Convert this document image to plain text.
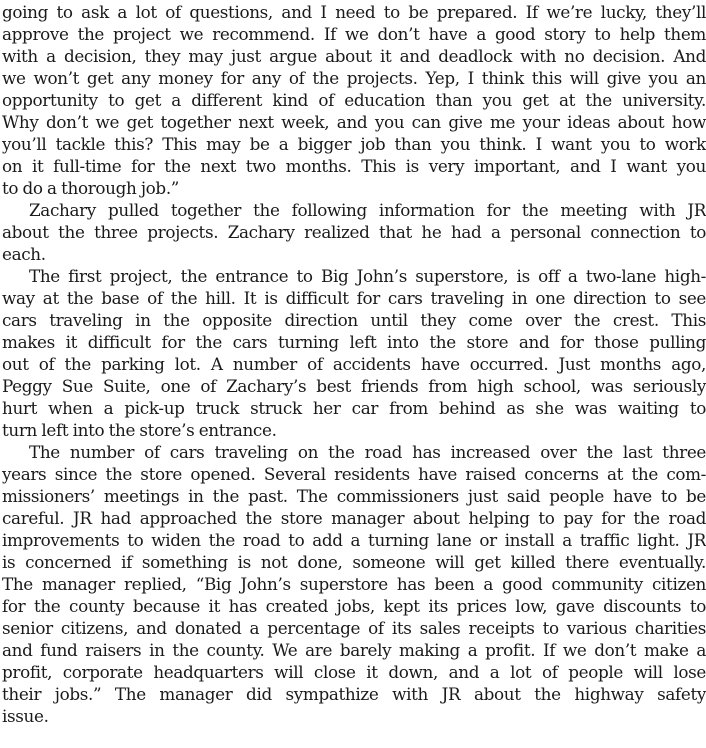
going to ask a lot of questions, and I need to be prepared. If we’re lucky, they’ll
approve the project we recommend. If we don’t have a good story to help them
with a decision, they may just argue about it and deadlock with no decision. And
we won’t get any money for any of the projects. Yep, I think this will give you an
opportunity to get a different kind of education than you get at the university.
Why don’t we get together next week, and you can give me your ideas about how
you’ll tackle this? This may be a bigger job than you think. I want you to work
on it full-time for the next two months. This is very important, and I want you
to do a thorough job.”
Zachary pulled together the following information for the meeting with JR
about the three projects. Zachary realized that he had a personal connection to
each.
The first project, the entrance to Big John’s superstore, is off a two-lane high-
way at the base of the hill. It is difficult for cars traveling in one direction to see
cars traveling in the opposite direction until they come over the crest. This
makes it difficult for the cars turning left into the store and for those pulling
out of the parking lot. A number of accidents have occurred. Just months ago,
Peggy Sue Suite, one of Zachary’s best friends from high school, was seriously
hurt when a pick-up truck struck her car from behind as she was waiting to
turn left into the store’s entrance.
The number of cars traveling on the road has increased over the last three
years since the store opened. Several residents have raised concerns at the com-
missioners’ meetings in the past. The commissioners just said people have to be
careful. JR had approached the store manager about helping to pay for the road
improvements to widen the road to add a turning lane or install a traffic light. JR
is concerned if something is not done, someone will get killed there eventually.
The manager replied, “Big John’s superstore has been a good community citizen
for the county because it has created jobs, kept its prices low, gave discounts to
senior citizens, and donated a percentage of its sales receipts to various charities
and fund raisers in the county. We are barely making a profit. If we don’t make a
profit, corporate headquarters will close it down, and a lot of people will lose
their jobs.” The manager did sympathize with JR about the highway safety
issue.
